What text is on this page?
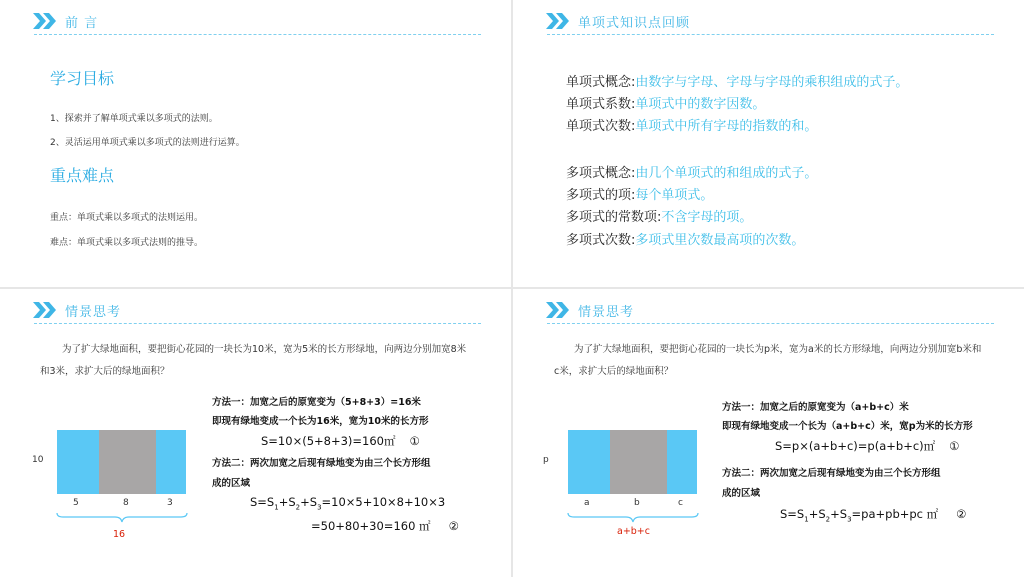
前 言
学习目标
1、探索并了解单项式乘以多项式的法则。
2、灵活运用单项式乘以多项式的法则进行运算。
重点难点
重点：单项式乘以多项式的法则运用。
难点：单项式乘以多项式法则的推导。
单项式知识点回顾
单项式概念:由数字与字母、字母与字母的乘积组成的式子。
单项式系数:单项式中的数字因数。
单项式次数:单项式中所有字母的指数的和。
多项式概念:由几个单项式的和组成的式子。
多项式的项:每个单项式。
多项式的常数项:不含字母的项。
多项式次数:多项式里次数最高项的次数。
情景思考
为了扩大绿地面积，要把街心花园的一块长为10米，宽为5米的长方形绿地，向两边分别加宽8米和3米，求扩大后的绿地面积？
10
5	8	3
16
方法一：加宽之后的原宽变为（5+8+3）=16米
即现有绿地变成一个长为16米，宽为10米的长方形
S=10×(5+8+3)=160㎡ ①
方法二：两次加宽之后现有绿地变为由三个长方形组
成的区域
$S=S_1+S_2+S_3=10\times 5+10\times 8+10\times 3$
=50+80+30=160 ㎡ ②
情景思考
为了扩大绿地面积，要把街心花园的一块长为p米，宽为a米的长方形绿地，向两边分别加宽b米和c米，求扩大后的绿地面积？
p
a	b	c
a+b+c
方法一：加宽之后的原宽变为（a+b+c）米
即现有绿地变成一个长为（a+b+c）米，宽p为米的长方形
S=p×(a+b+c)=p(a+b+c)㎡ ①
方法二：两次加宽之后现有绿地变为由三个长方形组
成的区域
$S=S_1+S_2+S_3=pa+pb+pc$ ㎡ ②
